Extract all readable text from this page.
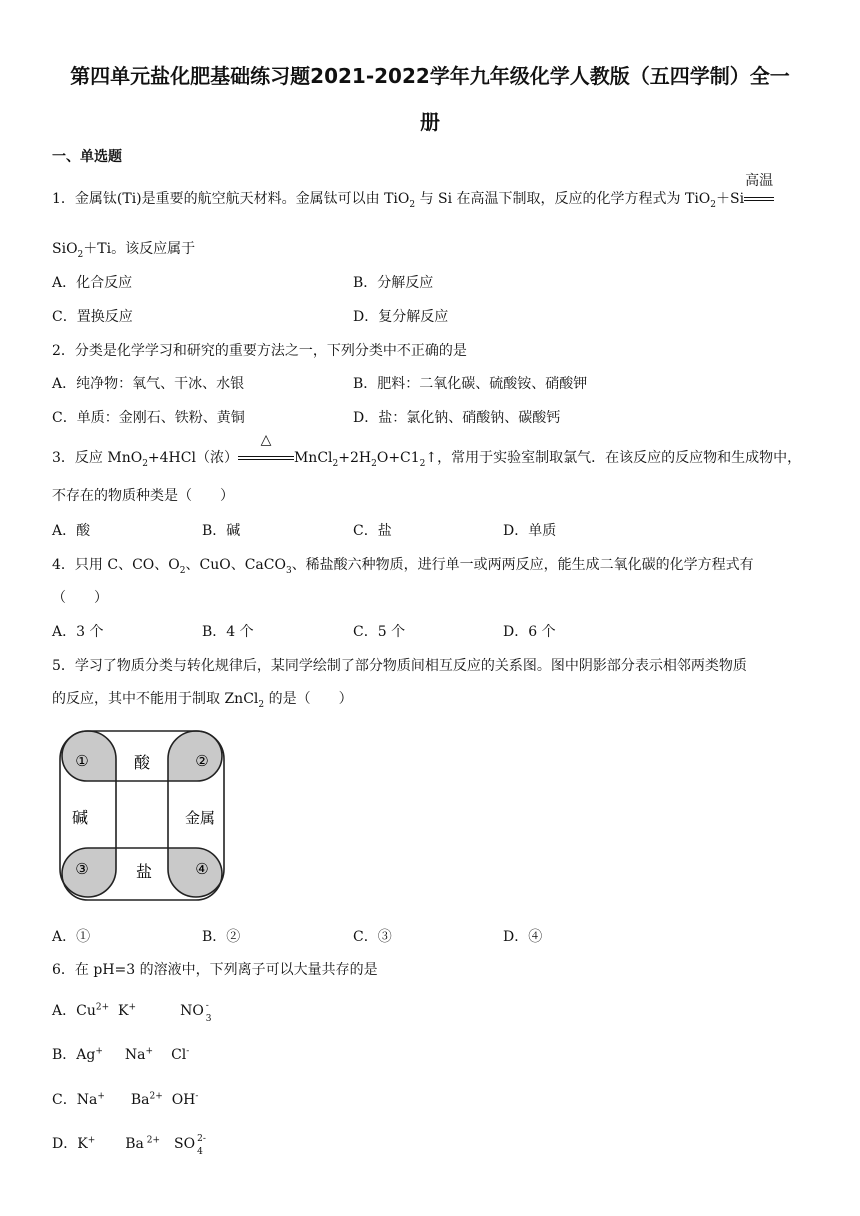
第四单元盐化肥基础练习题2021-2022学年九年级化学人教版（五四学制）全一
册
一、单选题
1．金属钛(Ti)是重要的航空航天材料。金属钛可以由 TiO$_2$ 与 Si 在高温下制取，反应的化学方程式为 TiO$_2$＋Si
高温
SiO$_2$＋Ti。该反应属于
A．化合反应	B．分解反应
C．置换反应	D．复分解反应
2．分类是化学学习和研究的重要方法之一，下列分类中不正确的是
A．纯净物：氧气、干冰、水银	B．肥料：二氧化碳、硫酸铵、硝酸钾
C．单质：金刚石、铁粉、黄铜	D．盐：氯化钠、硝酸钠、碳酸钙
3．反应 MnO$_2$+4HCl（浓）
△
$MnCl_2+2H_2O+C1_2↑$，常用于实验室制取氯气．在该反应的反应物和生成物中，
不存在的物质种类是（　　）
A．酸	B．碱	C．盐	D．单质
4．只用 C、CO、$O_2$、CuO、CaCO$_3$、稀盐酸六种物质，进行单一或两两反应，能生成二氧化碳的化学方程式有
（　　）
A．3 个	B．4 个	C．5 个	D．6 个
5．学习了物质分类与转化规律后，某同学绘制了部分物质间相互反应的关系图。图中阴影部分表示相邻两类物质
的反应，其中不能用于制取 ZnCl$_2$ 的是（　　）
酸
碱	金属
盐
①	②
③	④
A．①	B．②	C．③	D．④
6．在 pH=3 的溶液中，下列离子可以大量共存的是
A．$Cu^{2+}$ K+	NO -
3
B．Ag+ Na+ Cl-
C．Na+ $Ba^{2+}$ OH-
D．K+ Ba $^{2+}$ SO 2-
4
